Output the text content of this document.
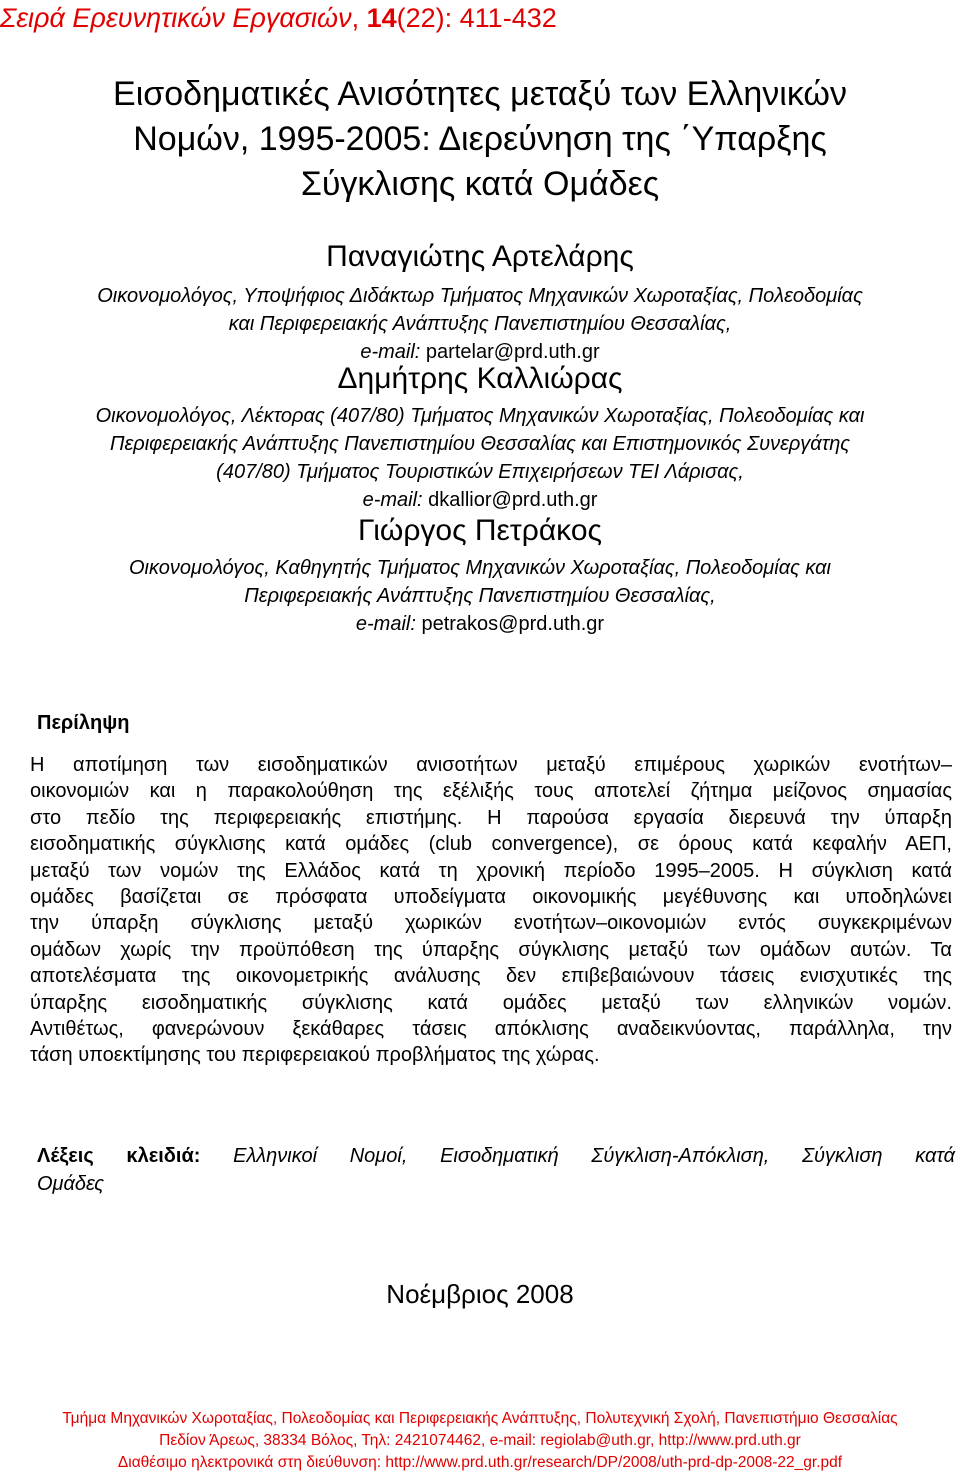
Σειρά Ερευνητικών Εργασιών, 14(22): 411-432
Εισοδηματικές Ανισότητες μεταξύ των Ελληνικών
Νομών, 1995-2005: Διερεύνηση της ΄Υπαρξης
Σύγκλισης κατά Ομάδες
Παναγιώτης Αρτελάρης
Οικονομολόγος, Υποψήφιος Διδάκτωρ Τμήματος Μηχανικών Χωροταξίας, Πολεοδομίας
και Περιφερειακής Ανάπτυξης Πανεπιστημίου Θεσσαλίας,
e-mail: partelar@prd.uth.gr
Δημήτρης Καλλιώρας
Οικονομολόγος, Λέκτορας (407/80) Τμήματος Μηχανικών Χωροταξίας, Πολεοδομίας και
Περιφερειακής Ανάπτυξης Πανεπιστημίου Θεσσαλίας και Επιστημονικός Συνεργάτης
(407/80) Τμήματος Τουριστικών Επιχειρήσεων ΤΕΙ Λάρισας,
e-mail: dkallior@prd.uth.gr
Γιώργος Πετράκος
Οικονομολόγος, Καθηγητής Τμήματος Μηχανικών Χωροταξίας, Πολεοδομίας και
Περιφερειακής Ανάπτυξης Πανεπιστημίου Θεσσαλίας,
e-mail: petrakos@prd.uth.gr
Περίληψη
Η αποτίμηση των εισοδηματικών ανισοτήτων μεταξύ επιμέρους χωρικών ενοτήτων–
οικονομιών και η παρακολούθηση της εξέλιξής τους αποτελεί ζήτημα μείζονος σημασίας
στο πεδίο της περιφερειακής επιστήμης. Η παρούσα εργασία διερευνά την ύπαρξη
εισοδηματικής σύγκλισης κατά ομάδες (club convergence), σε όρους κατά κεφαλήν ΑΕΠ,
μεταξύ των νομών της Ελλάδος κατά τη χρονική περίοδο 1995–2005. Η σύγκλιση κατά
ομάδες βασίζεται σε πρόσφατα υποδείγματα οικονομικής μεγέθυνσης και υποδηλώνει
την ύπαρξη σύγκλισης μεταξύ χωρικών ενοτήτων–οικονομιών εντός συγκεκριμένων
ομάδων χωρίς την προϋπόθεση της ύπαρξης σύγκλισης μεταξύ των ομάδων αυτών. Τα
αποτελέσματα της οικονομετρικής ανάλυσης δεν επιβεβαιώνουν τάσεις ενισχυτικές της
ύπαρξης εισοδηματικής σύγκλισης κατά ομάδες μεταξύ των ελληνικών νομών.
Αντιθέτως, φανερώνουν ξεκάθαρες τάσεις απόκλισης αναδεικνύοντας, παράλληλα, την
τάση υποεκτίμησης του περιφερειακού προβλήματος της χώρας.
Λέξεις κλειδιά: Ελληνικοί Νομοί, Εισοδηματική Σύγκλιση-Απόκλιση, Σύγκλιση κατά
Ομάδες
Νοέμβριος 2008
Τμήμα Μηχανικών Χωροταξίας, Πολεοδομίας και Περιφερειακής Ανάπτυξης, Πολυτεχνική Σχολή, Πανεπιστήμιο Θεσσαλίας
Πεδίον Άρεως, 38334 Βόλος, Τηλ: 2421074462, e-mail: regiolab@uth.gr, http://www.prd.uth.gr
Διαθέσιμο ηλεκτρονικά στη διεύθυνση: http://www.prd.uth.gr/research/DP/2008/uth-prd-dp-2008-22_gr.pdf
